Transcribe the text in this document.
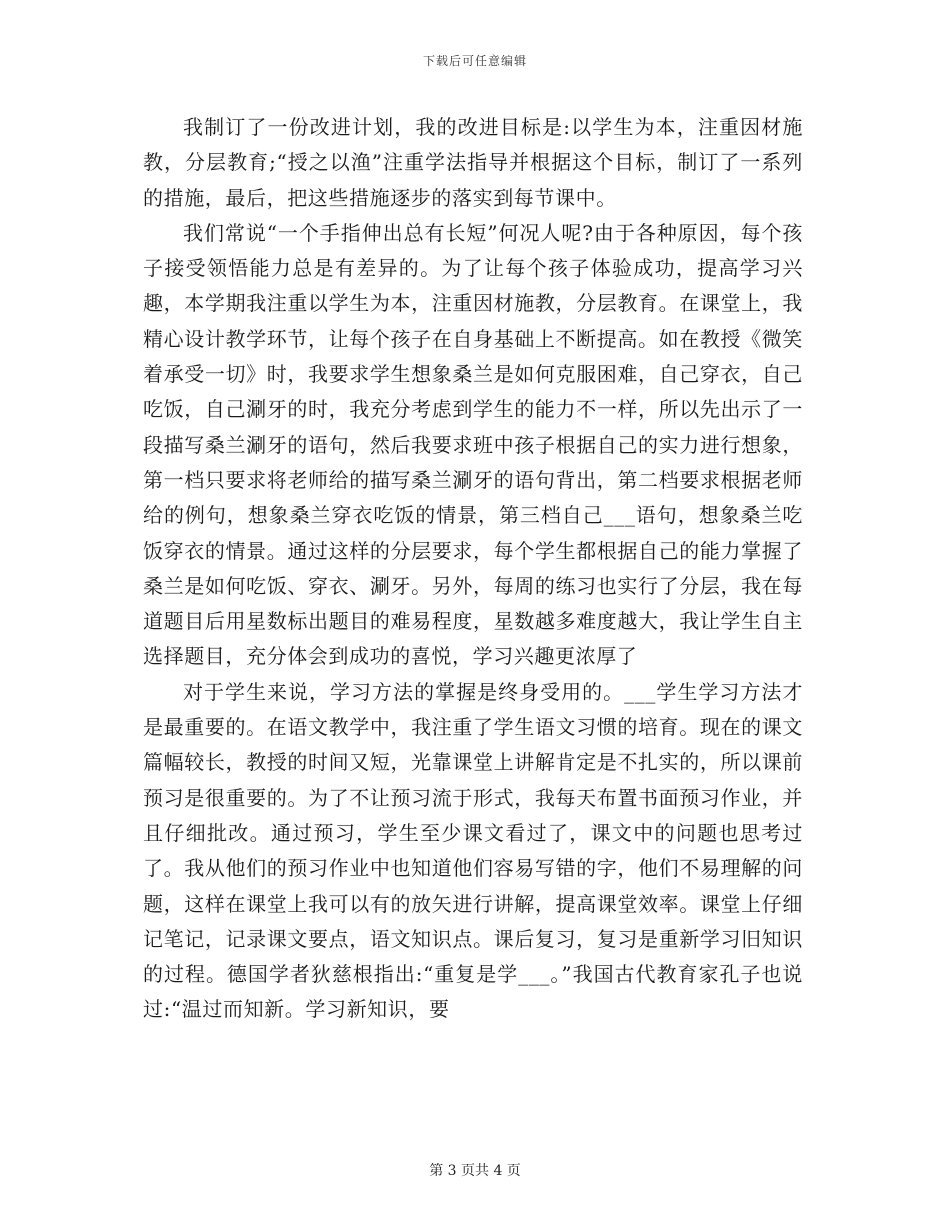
下载后可任意编辑

我制订了一份改进计划，我的改进目标是:以学生为本，注重因材施教，分层教育;“授之以渔”注重学法指导并根据这个目标，制订了一系列的措施，最后，把这些措施逐步的落实到每节课中。

我们常说“一个手指伸出总有长短”何况人呢?由于各种原因，每个孩子接受领悟能力总是有差异的。为了让每个孩子体验成功，提高学习兴趣，本学期我注重以学生为本，注重因材施教，分层教育。在课堂上，我精心设计教学环节，让每个孩子在自身基础上不断提高。如在教授《微笑着承受一切》时，我要求学生想象桑兰是如何克服困难，自己穿衣，自己吃饭，自己涮牙的时，我充分考虑到学生的能力不一样，所以先出示了一段描写桑兰涮牙的语句，然后我要求班中孩子根据自己的实力进行想象，第一档只要求将老师给的描写桑兰涮牙的语句背出，第二档要求根据老师给的例句，想象桑兰穿衣吃饭的情景，第三档自己___语句，想象桑兰吃饭穿衣的情景。通过这样的分层要求，每个学生都根据自己的能力掌握了桑兰是如何吃饭、穿衣、涮牙。另外，每周的练习也实行了分层，我在每道题目后用星数标出题目的难易程度，星数越多难度越大，我让学生自主选择题目，充分体会到成功的喜悦，学习兴趣更浓厚了

对于学生来说，学习方法的掌握是终身受用的。___学生学习方法才是最重要的。在语文教学中，我注重了学生语文习惯的培育。现在的课文篇幅较长，教授的时间又短，光靠课堂上讲解肯定是不扎实的，所以课前预习是很重要的。为了不让预习流于形式，我每天布置书面预习作业，并且仔细批改。通过预习，学生至少课文看过了，课文中的问题也思考过了。我从他们的预习作业中也知道他们容易写错的字，他们不易理解的问题，这样在课堂上我可以有的放矢进行讲解，提高课堂效率。课堂上仔细记笔记，记录课文要点，语文知识点。课后复习，复习是重新学习旧知识的过程。德国学者狄慈根指出:“重复是学___。”我国古代教育家孔子也说过:“温过而知新。学习新知识，要

第 3 页共 4 页
